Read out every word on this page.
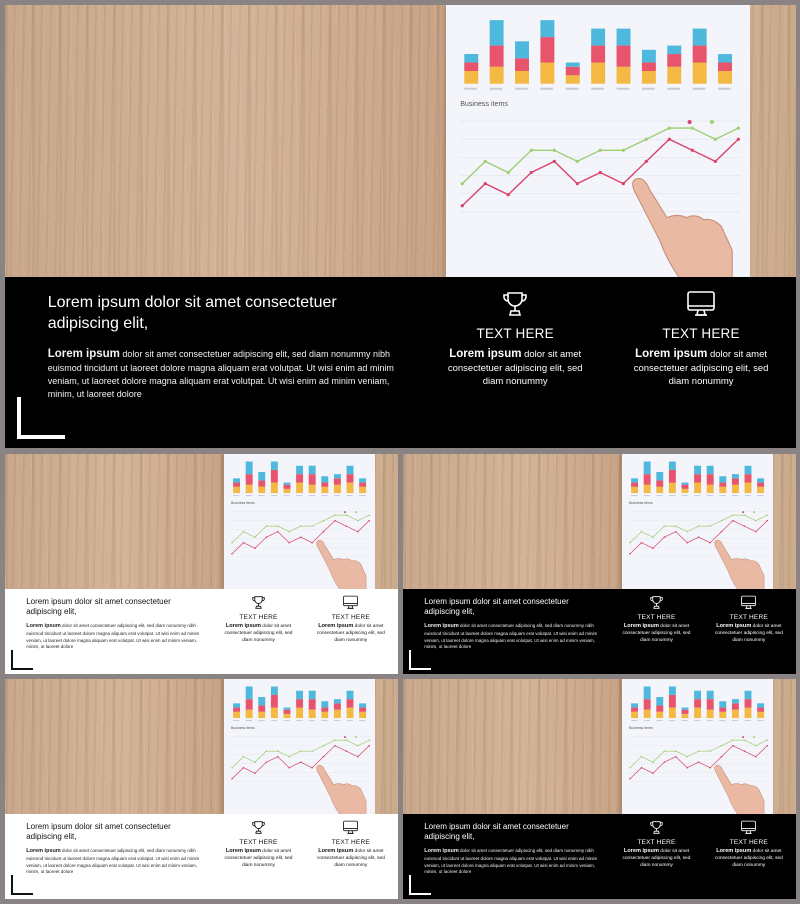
Business items
Lorem ipsum dolor sit amet consectetuer adipiscing elit,
Lorem ipsum dolor sit amet consectetuer adipiscing elit, sed diam nonummy nibh euismod tincidunt ut laoreet dolore magna aliquam erat volutpat. Ut wisi enim ad minim veniam, ut laoreet dolore magna aliquam erat volutpat. Ut wisi enim ad minim veniam, minim, ut laoreet dolore
TEXT HERE
Lorem ipsum dolor sit amet consectetuer adipiscing elit, sed diam nonummy
TEXT HERE
Lorem ipsum dolor sit amet consectetuer adipiscing elit, sed diam nonummy
Business items
Lorem ipsum dolor sit amet consectetuer adipiscing elit,
Lorem ipsum dolor sit amet consectetuer adipiscing elit, sed diam nonummy nibh euismod tincidunt ut laoreet dolore magna aliquam erat volutpat. Ut wisi enim ad minim veniam, ut laoreet dolore magna aliquam erat volutpat. Ut wisi enim ad minim veniam, minim, ut laoreet dolore
TEXT HERE
Lorem ipsum dolor sit amet consectetuer adipiscing elit, sed diam nonummy
TEXT HERE
Lorem ipsum dolor sit amet consectetuer adipiscing elit, sed diam nonummy
Business items
Lorem ipsum dolor sit amet consectetuer adipiscing elit,
Lorem ipsum dolor sit amet consectetuer adipiscing elit, sed diam nonummy nibh euismod tincidunt ut laoreet dolore magna aliquam erat volutpat. Ut wisi enim ad minim veniam, ut laoreet dolore magna aliquam erat volutpat. Ut wisi enim ad minim veniam, minim, ut laoreet dolore
TEXT HERE
Lorem ipsum dolor sit amet consectetuer adipiscing elit, sed diam nonummy
TEXT HERE
Lorem ipsum dolor sit amet consectetuer adipiscing elit, sed diam nonummy
Business items
Lorem ipsum dolor sit amet consectetuer adipiscing elit,
Lorem ipsum dolor sit amet consectetuer adipiscing elit, sed diam nonummy nibh euismod tincidunt ut laoreet dolore magna aliquam erat volutpat. Ut wisi enim ad minim veniam, ut laoreet dolore magna aliquam erat volutpat. Ut wisi enim ad minim veniam, minim, ut laoreet dolore
TEXT HERE
Lorem ipsum dolor sit amet consectetuer adipiscing elit, sed diam nonummy
TEXT HERE
Lorem ipsum dolor sit amet consectetuer adipiscing elit, sed diam nonummy
Business items
Lorem ipsum dolor sit amet consectetuer adipiscing elit,
Lorem ipsum dolor sit amet consectetuer adipiscing elit, sed diam nonummy nibh euismod tincidunt ut laoreet dolore magna aliquam erat volutpat. Ut wisi enim ad minim veniam, ut laoreet dolore magna aliquam erat volutpat. Ut wisi enim ad minim veniam, minim, ut laoreet dolore
TEXT HERE
Lorem ipsum dolor sit amet consectetuer adipiscing elit, sed diam nonummy
TEXT HERE
Lorem ipsum dolor sit amet consectetuer adipiscing elit, sed diam nonummy
